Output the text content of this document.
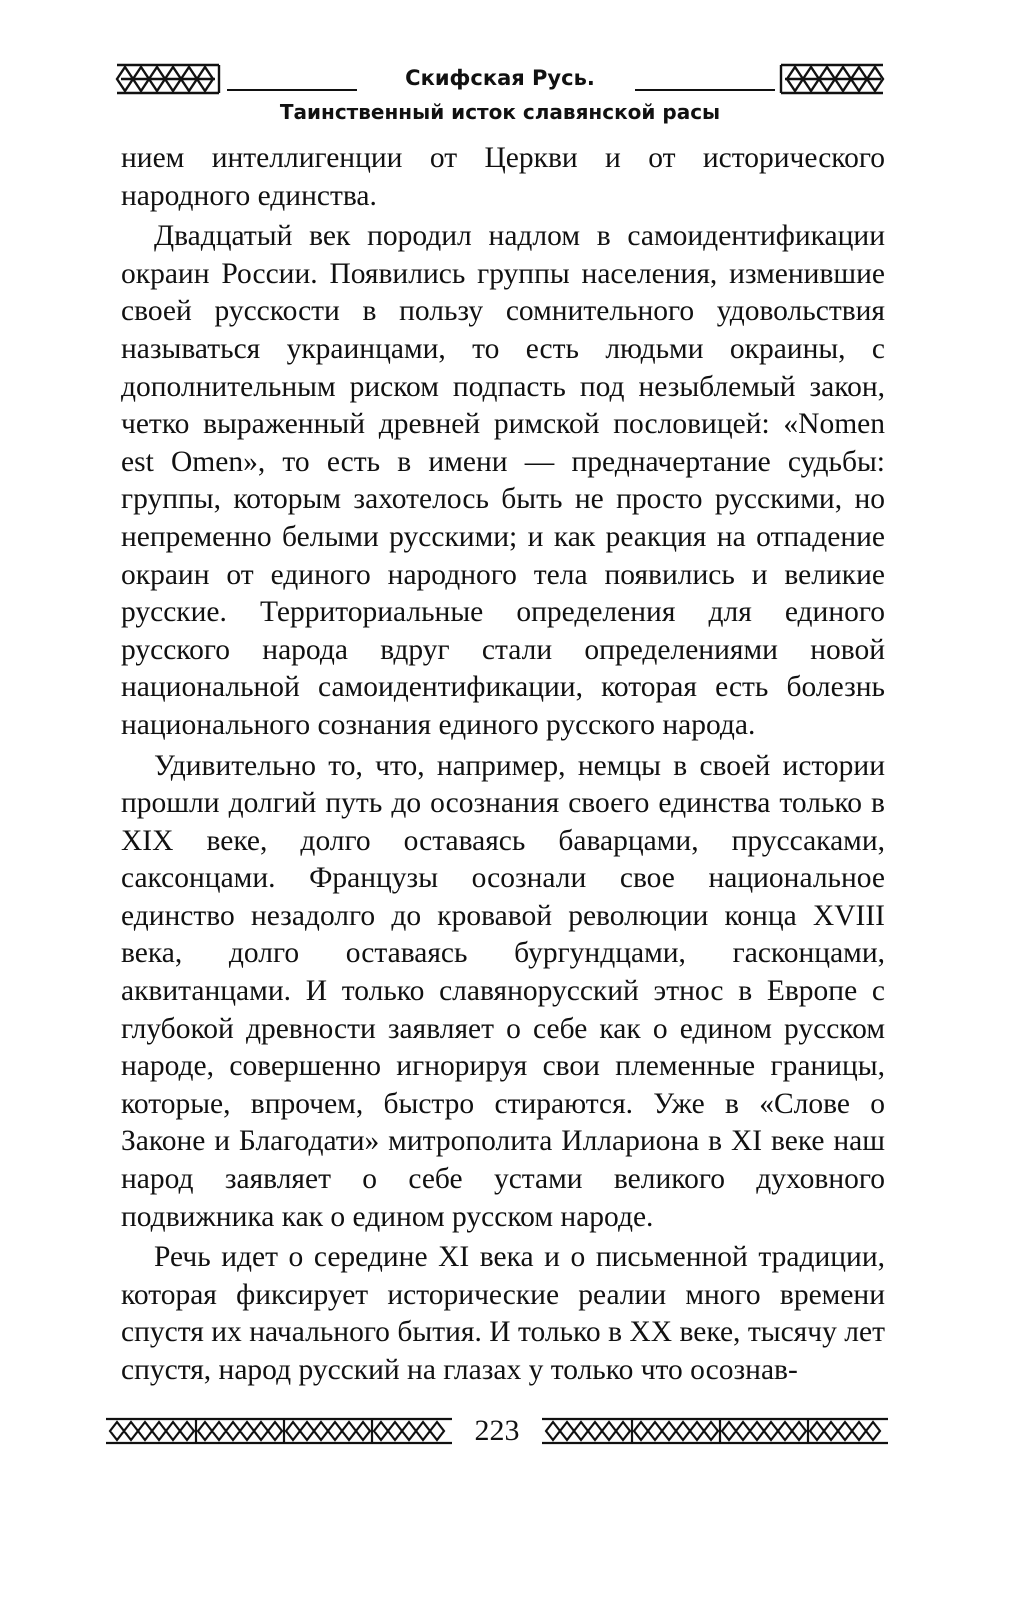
Скифская Русь.
Таинственный исток славянской расы

нием интеллигенции от Церкви и от исторического народного единства.

Двадцатый век породил надлом в самоидентификации окраин России. Появились группы населения, изменившие своей русскости в пользу сомнительного удовольствия называться украинцами, то есть людьми окраины, с дополнительным риском подпасть под незыблемый закон, четко выраженный древней римской пословицей: «Nomen est Omen», то есть в имени — предначертание судьбы: группы, которым захотелось быть не просто русскими, но непременно белыми русскими; и как реакция на отпадение окраин от единого народного тела появились и великие русские. Территориальные определения для единого русского народа вдруг стали определениями новой национальной самоидентификации, которая есть болезнь национального сознания единого русского народа.

Удивительно то, что, например, немцы в своей истории прошли долгий путь до осознания своего единства только в XIX веке, долго оставаясь баварцами, пруссаками, саксонцами. Французы осознали свое национальное единство незадолго до кровавой революции конца XVIII века, долго оставаясь бургундцами, гасконцами, аквитанцами. И только славянорусский этнос в Европе с глубокой древности заявляет о себе как о едином русском народе, совершенно игнорируя свои племенные границы, которые, впрочем, быстро стираются. Уже в «Слове о Законе и Благодати» митрополита Иллариона в XI веке наш народ заявляет о себе устами великого духовного подвижника как о едином русском народе.

Речь идет о середине XI века и о письменной традиции, которая фиксирует исторические реалии много времени спустя их начального бытия. И только в XX веке, тысячу лет спустя, народ русский на глазах у только что осознав-

223
